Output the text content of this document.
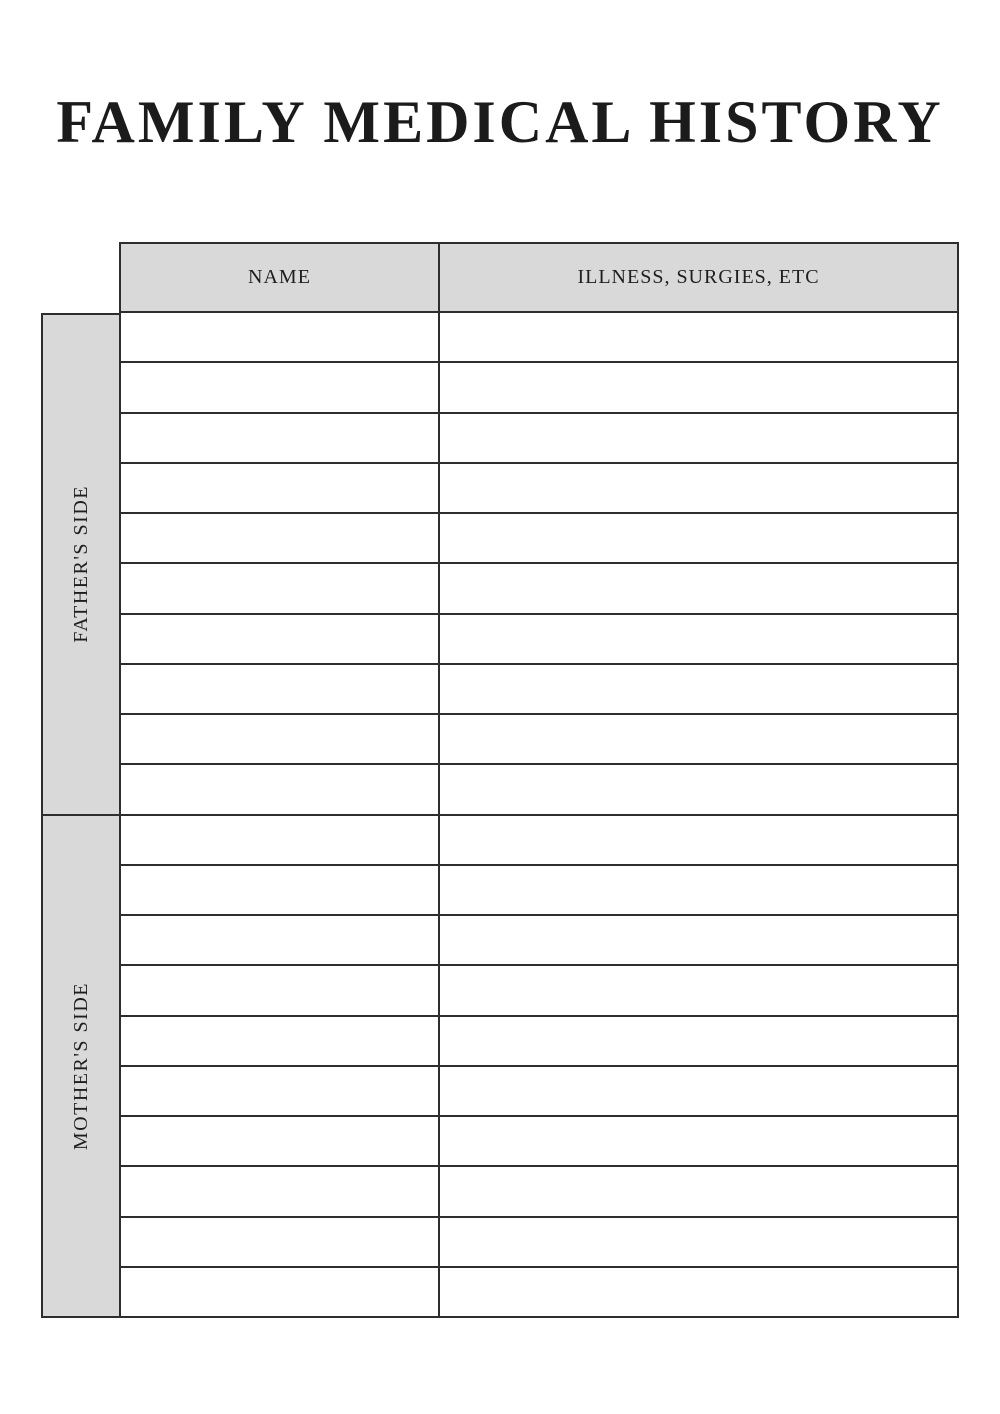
FAMILY MEDICAL HISTORY
NAME	ILLNESS, SURGIES, ETC
FATHER'S SIDE
MOTHER'S SIDE
